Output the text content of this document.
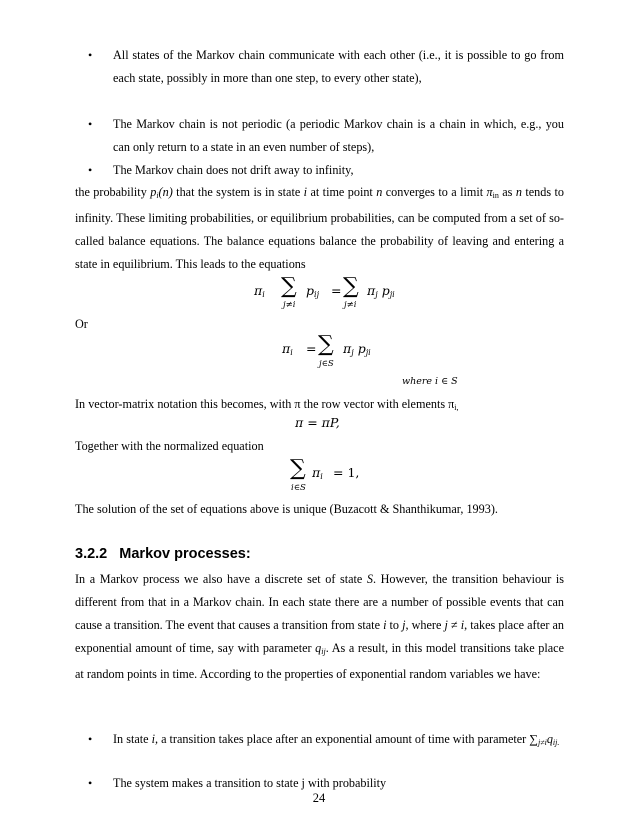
• All states of the Markov chain communicate with each other (i.e., it is possible to go from each state, possibly in more than one step, to every other state),
• The Markov chain is not periodic (a periodic Markov chain is a chain in which, e.g., you can only return to a state in an even number of steps),
• The Markov chain does not drift away to infinity,

the probability $p_i(n)$ that the system is in state i at time point n converges to a limit $\pi_{in}$ as n tends to infinity. These limiting probabilities, or equilibrium probabilities, can be computed from a set of so-called balance equations. The balance equations balance the probability of leaving and entering a state in equilibrium. This leads to the equations

$\pi_i$ ∑
j≠i
$p_{ij}$ = ∑
j≠i
$\pi_j$ $p_{ji}$

Or

$\pi_i$ = ∑
j∈S
$\pi_j$ $p_{ji}$
where i ∈ S

In vector-matrix notation this becomes, with π the row vector with elements $\pi_{i,}$

π = πP,

Together with the normalized equation

∑
i∈S
$\pi_i = 1$,

The solution of the set of equations above is unique (Buzacott & Shanthikumar, 1993).

3.2.2 Markov processes:

In a Markov process we also have a discrete set of state S. However, the transition behaviour is different from that in a Markov chain. In each state there are a number of possible events that can cause a transition. The event that causes a transition from state i to j, where j ≠ i, takes place after an exponential amount of time, say with parameter $q_{ij}$. As a result, in this model transitions take place at random points in time. According to the properties of exponential random variables we have:

• In state i, a transition takes place after an exponential amount of time with parameter $\sum_{j\ne i}q_{ij.}$
• The system makes a transition to state j with probability
24
